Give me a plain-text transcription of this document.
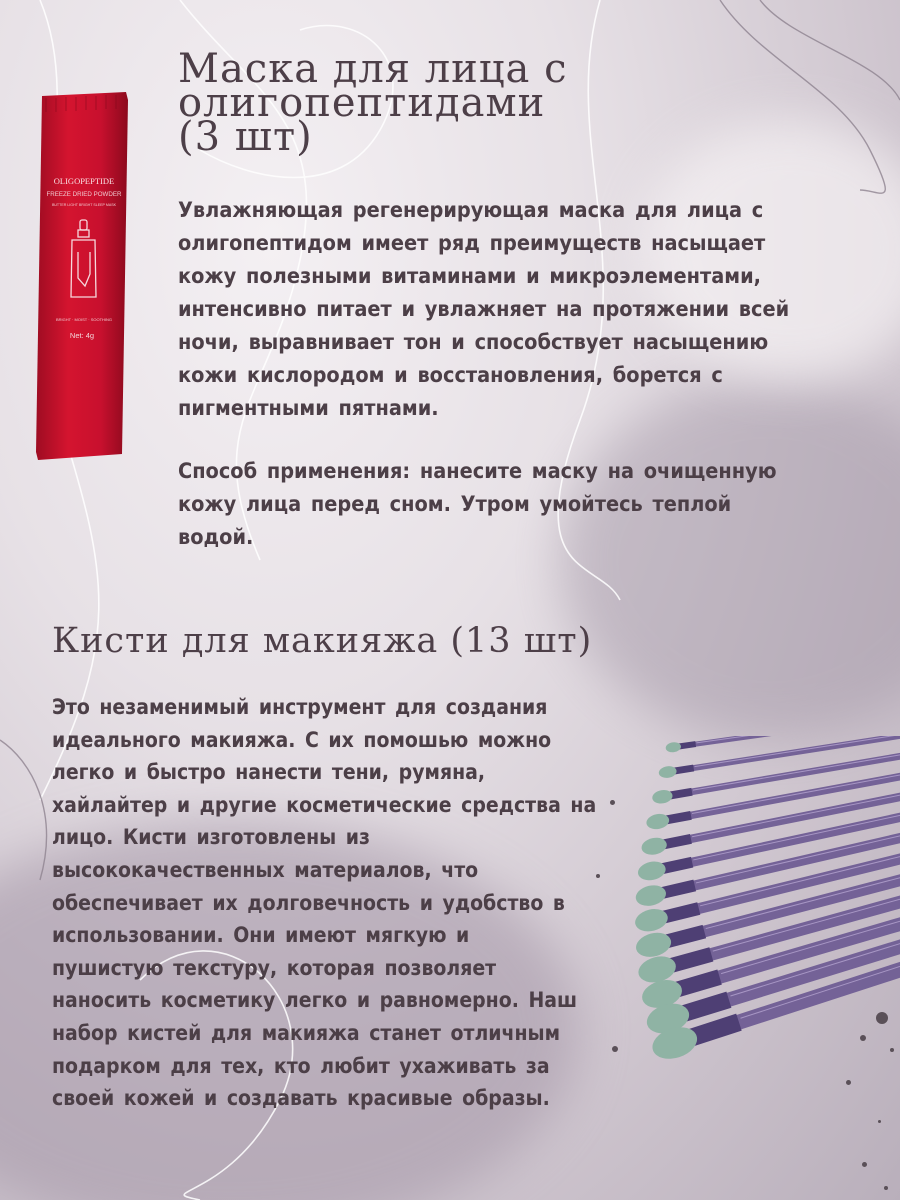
OLIGOPEPTIDE
FREEZE DRIED POWDER
BUTTER LIGHT BRIGHT SLEEP MASK
BRIGHT · MOIST · SOOTHING
Net: 4g
Маска для лица с
олигопептидами
(3 шт)
Увлажняющая регенерирующая маска для лица с
олигопептидом имеет ряд преимуществ насыщает
кожу полезными витаминами и микроэлементами,
интенсивно питает и увлажняет на протяжении всей
ночи, выравнивает тон и способствует насыщению
кожи кислородом и восстановления, борется с
пигментными пятнами.
Способ применения: нанесите маску на очищенную
кожу лица перед сном. Утром умойтесь теплой
водой.
Кисти для макияжа (13 шт)
Это незаменимый инструмент для создания
идеального макияжа. С их помошью можно
легко и быстро нанести тени, румяна,
хайлайтер и другие косметические средства на
лицо. Кисти изготовлены из
высококачественных материалов, что
обеспечивает их долговечность и удобство в
использовании. Они имеют мягкую и
пушистую текстуру, которая позволяет
наносить косметику легко и равномерно. Наш
набор кистей для макияжа станет отличным
подарком для тех, кто любит ухаживать за
своей кожей и создавать красивые образы.
